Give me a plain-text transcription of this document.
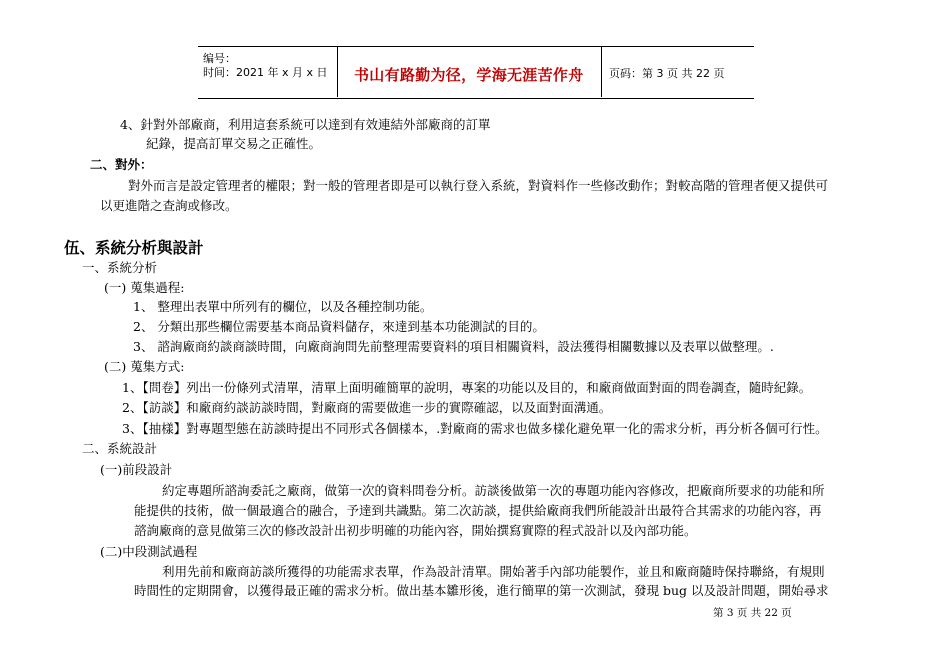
编号：
时间：2021 年 x 月 x 日 书山有路勤为径，学海无涯苦作舟 页码：第 3 页 共 22 页
4、針對外部廠商，利用這套系統可以達到有效連結外部廠商的訂單
紀錄，提高訂單交易之正確性。
二、對外：
對外而言是設定管理者的權限；對一般的管理者即是可以執行登入系統，對資料作一些修改動作；對較高階的管理者便又提供可
以更進階之查詢或修改。
伍、系統分析與設計
一、系統分析
(一) 蒐集過程:
1、 整理出表單中所列有的欄位，以及各種控制功能。
2、 分類出那些欄位需要基本商品資料儲存，來達到基本功能測試的目的。
3、 諮詢廠商約談商談時間，向廠商詢問先前整理需要資料的項目相關資料，設法獲得相關數據以及表單以做整理。.
(二) 蒐集方式:
1、【問卷】列出一份條列式清單，清單上面明確簡單的說明，專案的功能以及目的，和廠商做面對面的問卷調查，隨時紀錄。
2、【訪談】和廠商約談訪談時間，對廠商的需要做進一步的實際確認，以及面對面溝通。
3、【抽樣】對專題型態在訪談時提出不同形式各個樣本，.對廠商的需求也做多樣化避免單一化的需求分析，再分析各個可行性。
二、系統設計
(一)前段設計
約定專題所諮詢委託之廠商，做第一次的資料問卷分析。訪談後做第一次的專題功能內容修改，把廠商所要求的功能和所
能提供的技術，做一個最適合的融合，予達到共識點。第二次訪談，提供給廠商我們所能設計出最符合其需求的功能內容，再
諮詢廠商的意見做第三次的修改設計出初步明確的功能內容，開始撰寫實際的程式設計以及內部功能。
(二)中段測試過程
利用先前和廠商訪談所獲得的功能需求表單，作為設計清單。開始著手內部功能製作，並且和廠商隨時保持聯絡，有規則
時間性的定期開會，以獲得最正確的需求分析。做出基本雛形後，進行簡單的第一次測試，發現 bug 以及設計問題，開始尋求
第 3 页 共 22 页
